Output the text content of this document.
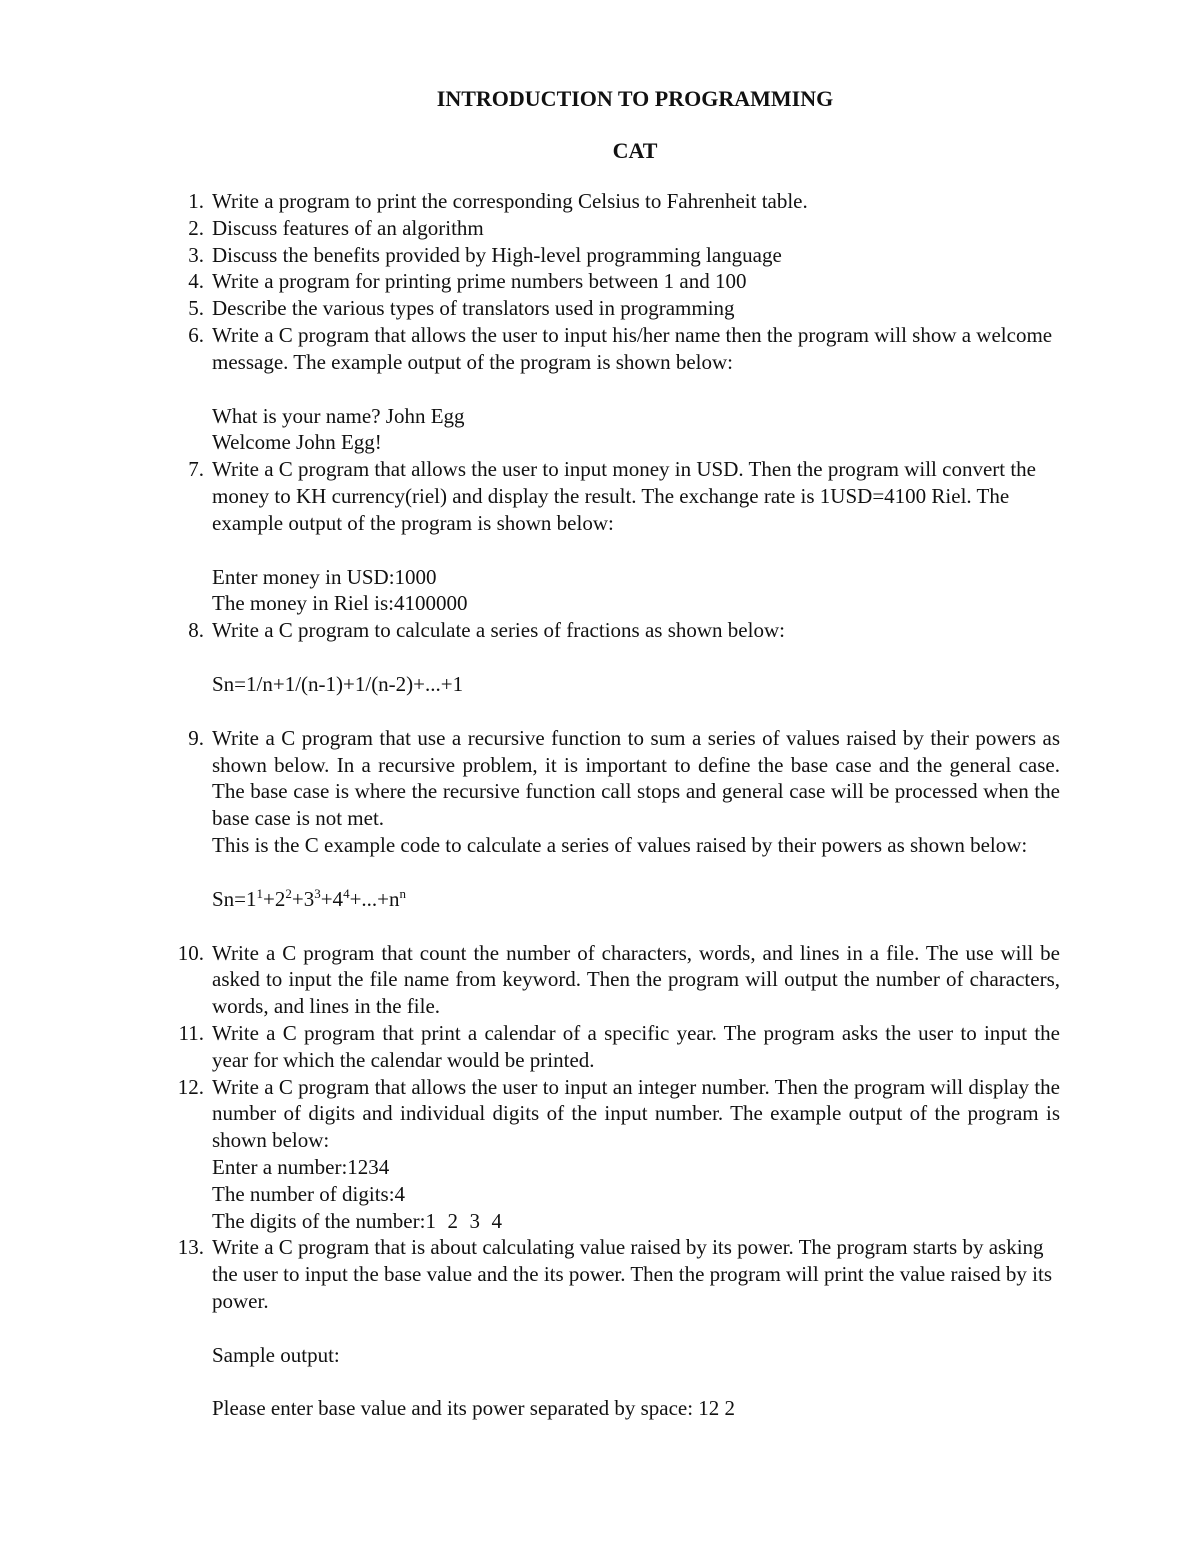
INTRODUCTION TO PROGRAMMING
CAT
1. Write a program to print the corresponding Celsius to Fahrenheit table.
2. Discuss features of an algorithm
3. Discuss the benefits provided by High-level programming language
4. Write a program for printing prime numbers between 1 and 100
5. Describe the various types of translators used in programming
6. Write a C program that allows the user to input his/her name then the program will show a welcome message. The example output of the program is shown below:
What is your name? John Egg
Welcome John Egg!
7. Write a C program that allows the user to input money in USD. Then the program will convert the money to KH currency(riel) and display the result. The exchange rate is 1USD=4100 Riel. The example output of the program is shown below:
Enter money in USD:1000
The money in Riel is:4100000
8. Write a C program to calculate a series of fractions as shown below:
Sn=1/n+1/(n-1)+1/(n-2)+...+1
9. Write a C program that use a recursive function to sum a series of values raised by their powers as shown below. In a recursive problem, it is important to define the base case and the general case. The base case is where the recursive function call stops and general case will be processed when the base case is not met.
This is the C example code to calculate a series of values raised by their powers as shown below:
$Sn=1^1+2^2+3^3+4^4+...+n^n$
10. Write a C program that count the number of characters, words, and lines in a file. The use will be asked to input the file name from keyword. Then the program will output the number of characters, words, and lines in the file.
11. Write a C program that print a calendar of a specific year. The program asks the user to input the year for which the calendar would be printed.
12. Write a C program that allows the user to input an integer number. Then the program will display the number of digits and individual digits of the input number. The example output of the program is shown below:
Enter a number:1234
The number of digits:4
The digits of the number:1 2 3 4
13. Write a C program that is about calculating value raised by its power. The program starts by asking the user to input the base value and the its power. Then the program will print the value raised by its power.
Sample output:
Please enter base value and its power separated by space: 12 2
